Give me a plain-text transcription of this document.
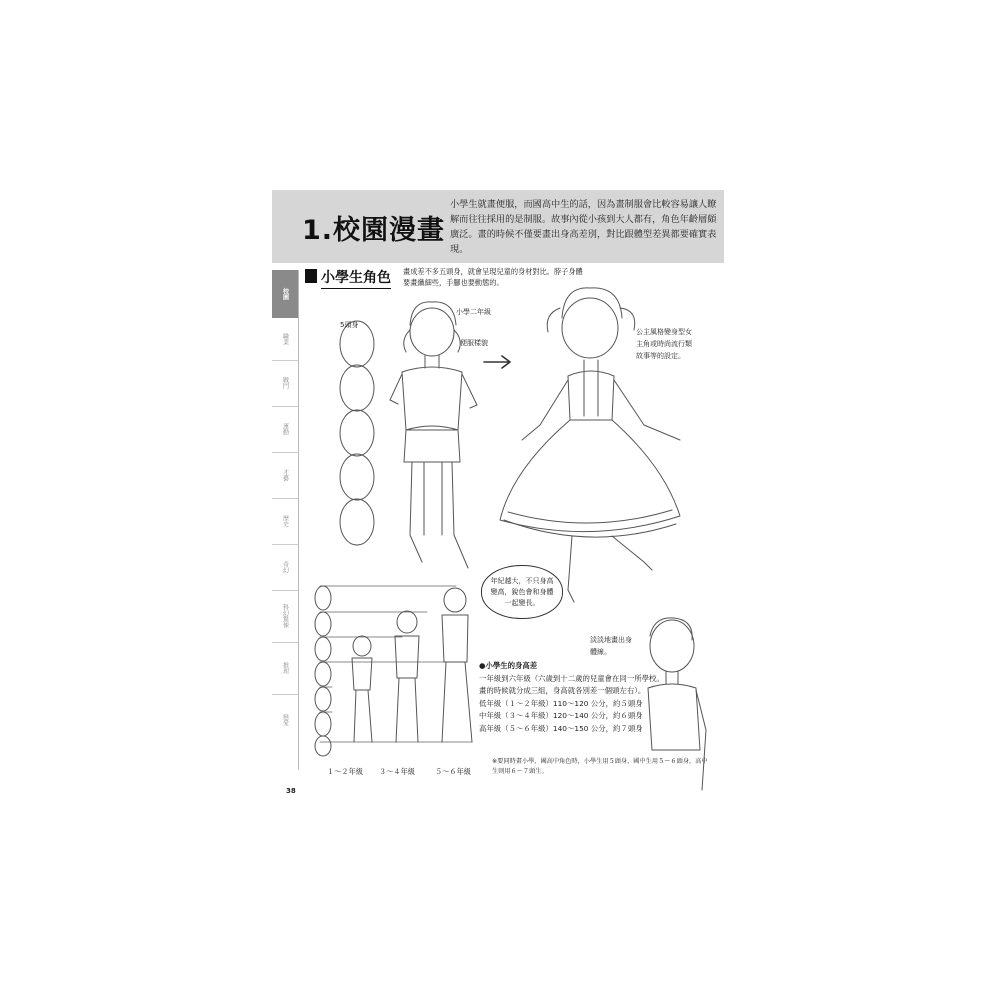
1.校園漫畫
小學生就畫便服，而國高中生的話，因為畫制服會比較容易讓人瞭解而往往採用的是制服。故事內從小孩到大人都有，角色年齡層頗廣泛。畫的時候不僅要畫出身高差別，對比跟體型差異都要確實表現。
校園
職業
戰鬥
運動
才藝
歷史
奇幻
科幻驚悚
推理
戀愛
小學生角色 畫成差不多五頭身，就會呈現兒童的身材對比。脖子身體要畫纖細些，手腳也要動態的。
5頭身
小學二年級
便服樣貌
公主風格變身型女主角或時尚流行類故事等的設定。
淡淡地畫出身體線。
年紀越大，不只身高變高，銳色會和身體一起變長。
●小學生的身高差
一年級到六年級（六歲到十二歲的兒童會在同一所學校。畫的時候就分成三組，身高就各別差一個頭左右）。
低年級（１～２年級）110〜120 公分，約５頭身
中年級（３～４年級）120〜140 公分，約６頭身
高年級（５～６年級）140〜150 公分，約７頭身
※要同時畫小學、國高中角色時，小學生用５頭身，國中生用５～６頭身，高中生則用６～７頭生。
１～２年級 ３～４年級	５～６年級
38
